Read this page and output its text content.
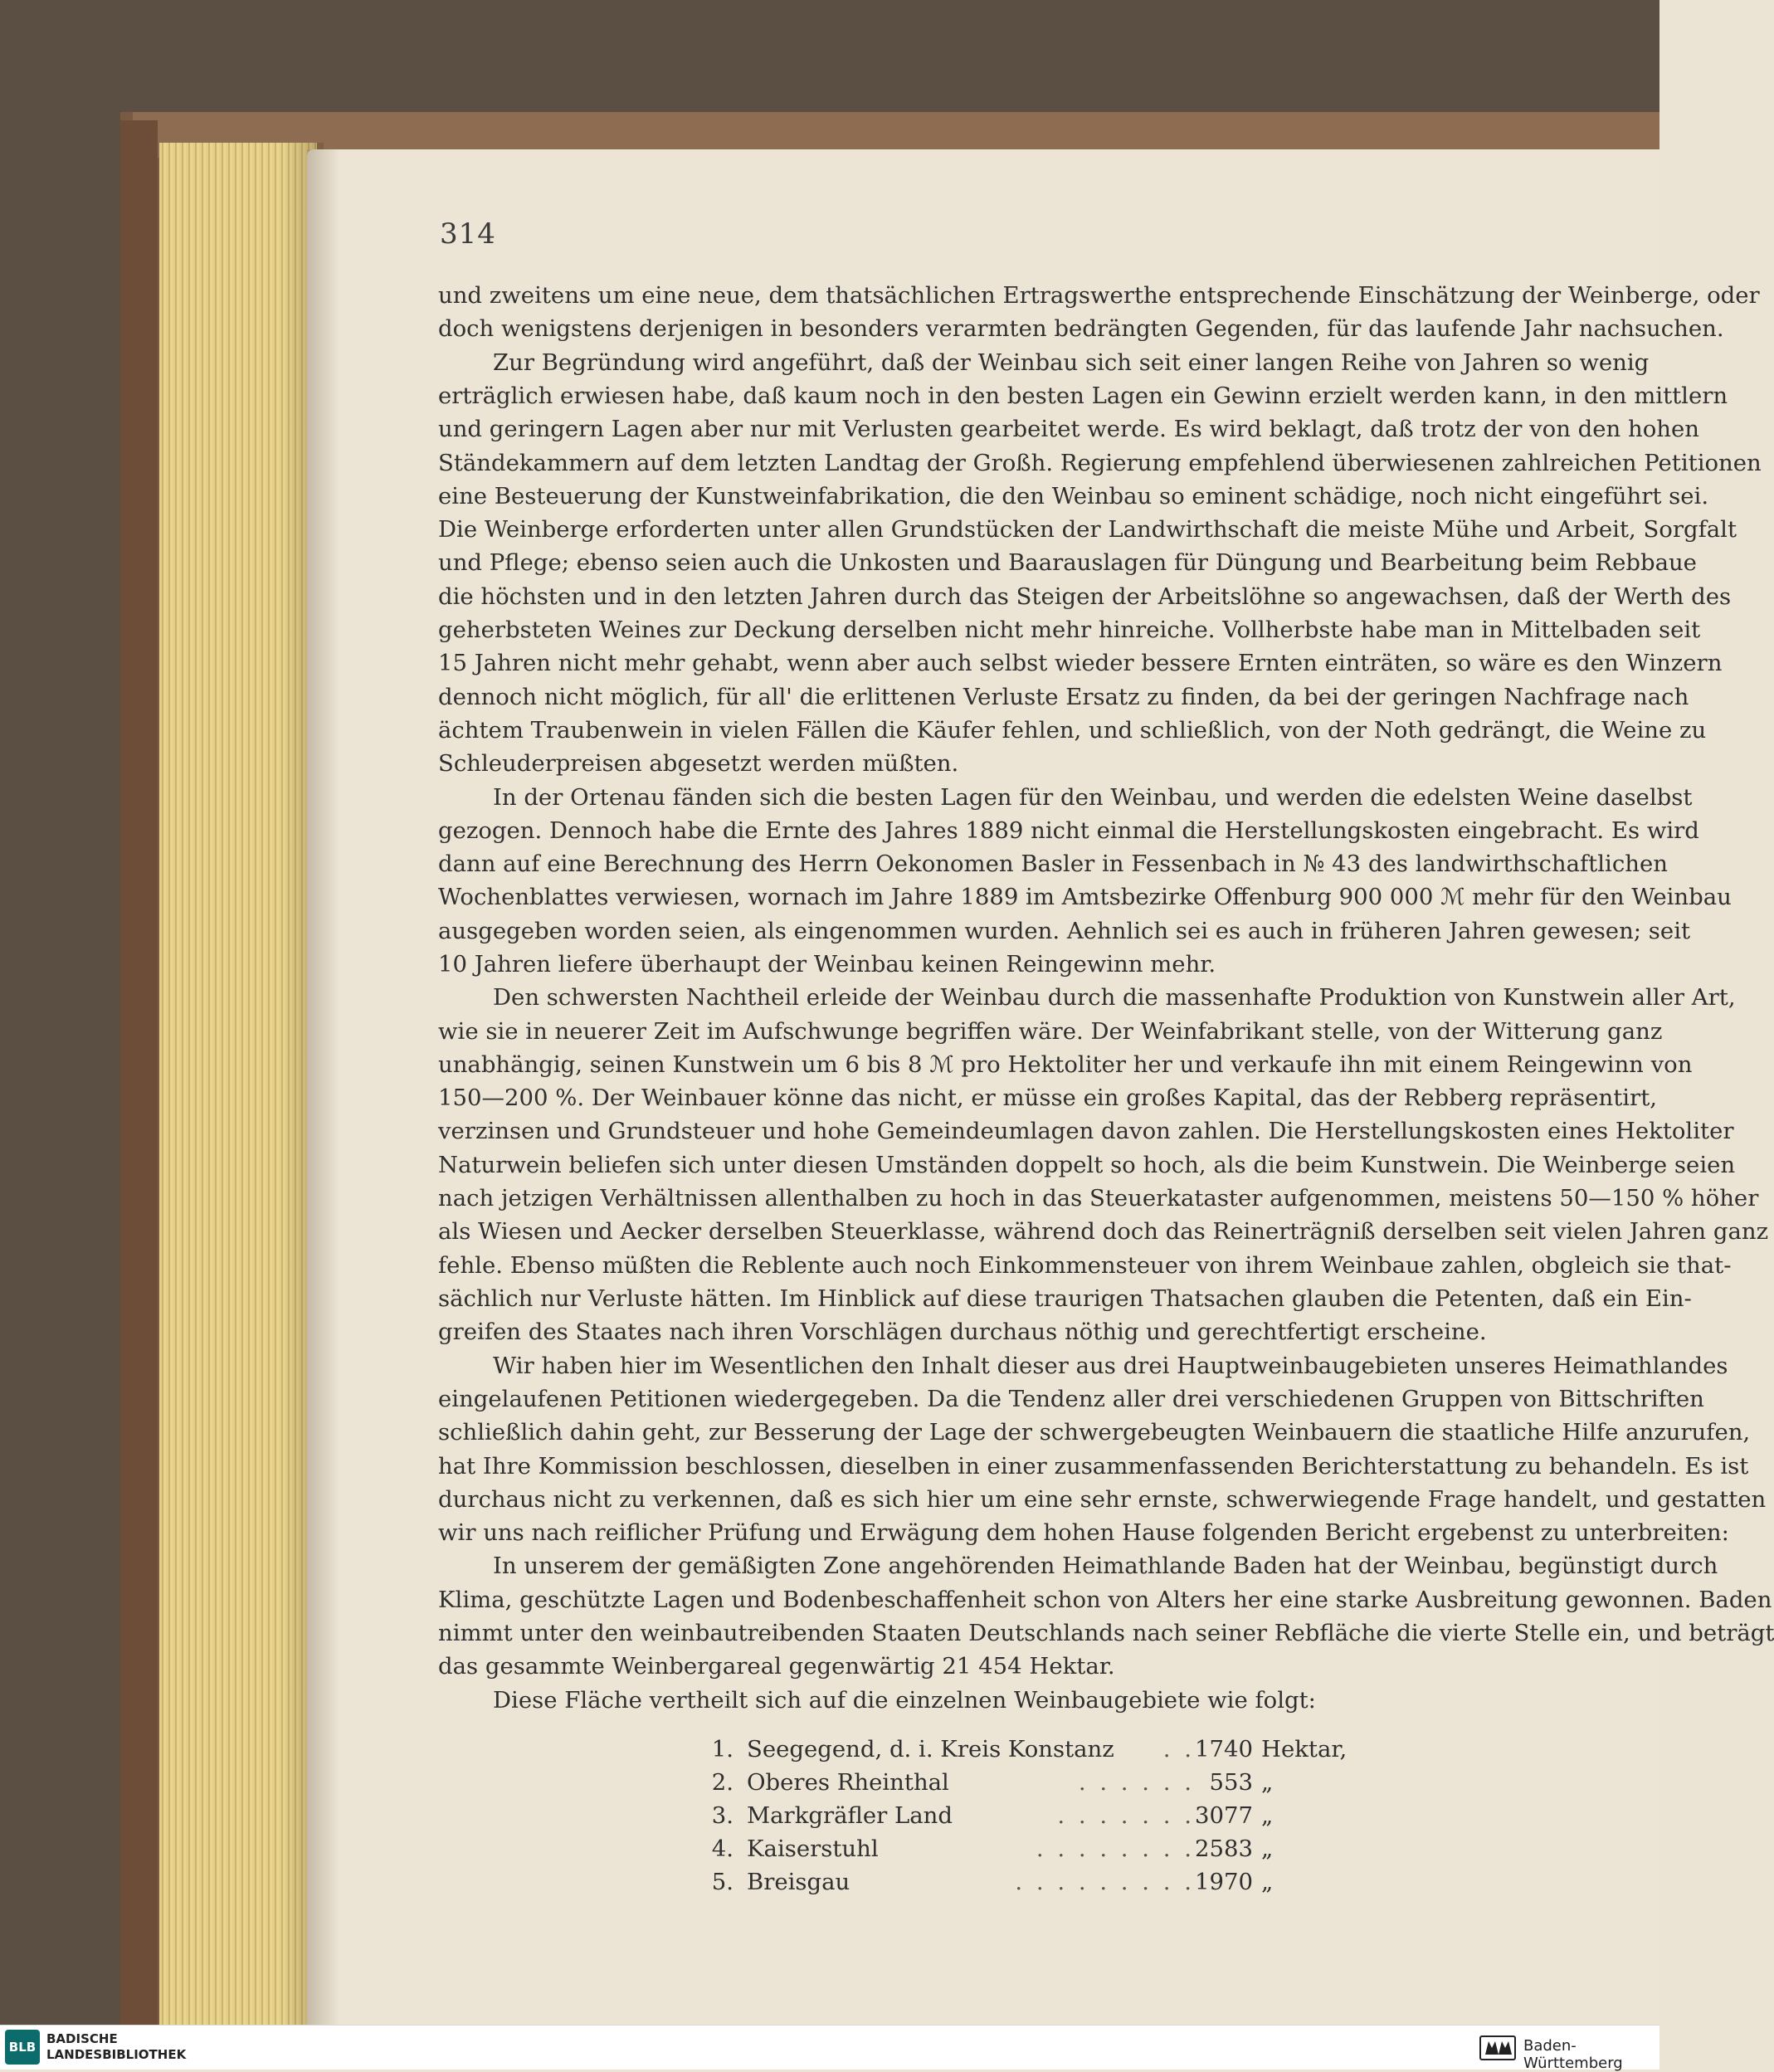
314
und zweitens um eine neue, dem thatsächlichen Ertragswerthe entsprechende Einschätzung der Weinberge, oder
doch wenigstens derjenigen in besonders verarmten bedrängten Gegenden, für das laufende Jahr nachsuchen.
Zur Begründung wird angeführt, daß der Weinbau sich seit einer langen Reihe von Jahren so wenig
erträglich erwiesen habe, daß kaum noch in den besten Lagen ein Gewinn erzielt werden kann, in den mittlern
und geringern Lagen aber nur mit Verlusten gearbeitet werde. Es wird beklagt, daß trotz der von den hohen
Ständekammern auf dem letzten Landtag der Großh. Regierung empfehlend überwiesenen zahlreichen Petitionen
eine Besteuerung der Kunstweinfabrikation, die den Weinbau so eminent schädige, noch nicht eingeführt sei.
Die Weinberge erforderten unter allen Grundstücken der Landwirthschaft die meiste Mühe und Arbeit, Sorgfalt
und Pflege; ebenso seien auch die Unkosten und Baarauslagen für Düngung und Bearbeitung beim Rebbaue
die höchsten und in den letzten Jahren durch das Steigen der Arbeitslöhne so angewachsen, daß der Werth des
geherbsteten Weines zur Deckung derselben nicht mehr hinreiche. Vollherbste habe man in Mittelbaden seit
15 Jahren nicht mehr gehabt, wenn aber auch selbst wieder bessere Ernten einträten, so wäre es den Winzern
dennoch nicht möglich, für all' die erlittenen Verluste Ersatz zu finden, da bei der geringen Nachfrage nach
ächtem Traubenwein in vielen Fällen die Käufer fehlen, und schließlich, von der Noth gedrängt, die Weine zu
Schleuderpreisen abgesetzt werden müßten.
In der Ortenau fänden sich die besten Lagen für den Weinbau, und werden die edelsten Weine daselbst
gezogen. Dennoch habe die Ernte des Jahres 1889 nicht einmal die Herstellungskosten eingebracht. Es wird
dann auf eine Berechnung des Herrn Oekonomen Basler in Fessenbach in № 43 des landwirthschaftlichen
Wochenblattes verwiesen, wornach im Jahre 1889 im Amtsbezirke Offenburg 900 000 ℳ mehr für den Weinbau
ausgegeben worden seien, als eingenommen wurden. Aehnlich sei es auch in früheren Jahren gewesen; seit
10 Jahren liefere überhaupt der Weinbau keinen Reingewinn mehr.
Den schwersten Nachtheil erleide der Weinbau durch die massenhafte Produktion von Kunstwein aller Art,
wie sie in neuerer Zeit im Aufschwunge begriffen wäre. Der Weinfabrikant stelle, von der Witterung ganz
unabhängig, seinen Kunstwein um 6 bis 8 ℳ pro Hektoliter her und verkaufe ihn mit einem Reingewinn von
150—200 %. Der Weinbauer könne das nicht, er müsse ein großes Kapital, das der Rebberg repräsentirt,
verzinsen und Grundsteuer und hohe Gemeindeumlagen davon zahlen. Die Herstellungskosten eines Hektoliter
Naturwein beliefen sich unter diesen Umständen doppelt so hoch, als die beim Kunstwein. Die Weinberge seien
nach jetzigen Verhältnissen allenthalben zu hoch in das Steuerkataster aufgenommen, meistens 50—150 % höher
als Wiesen und Aecker derselben Steuerklasse, während doch das Reinerträgniß derselben seit vielen Jahren ganz
fehle. Ebenso müßten die Reblente auch noch Einkommensteuer von ihrem Weinbaue zahlen, obgleich sie that-
sächlich nur Verluste hätten. Im Hinblick auf diese traurigen Thatsachen glauben die Petenten, daß ein Ein-
greifen des Staates nach ihren Vorschlägen durchaus nöthig und gerechtfertigt erscheine.
Wir haben hier im Wesentlichen den Inhalt dieser aus drei Hauptweinbaugebieten unseres Heimathlandes
eingelaufenen Petitionen wiedergegeben. Da die Tendenz aller drei verschiedenen Gruppen von Bittschriften
schließlich dahin geht, zur Besserung der Lage der schwergebeugten Weinbauern die staatliche Hilfe anzurufen,
hat Ihre Kommission beschlossen, dieselben in einer zusammenfassenden Berichterstattung zu behandeln. Es ist
durchaus nicht zu verkennen, daß es sich hier um eine sehr ernste, schwerwiegende Frage handelt, und gestatten
wir uns nach reiflicher Prüfung und Erwägung dem hohen Hause folgenden Bericht ergebenst zu unterbreiten:
In unserem der gemäßigten Zone angehörenden Heimathlande Baden hat der Weinbau, begünstigt durch
Klima, geschützte Lagen und Bodenbeschaffenheit schon von Alters her eine starke Ausbreitung gewonnen. Baden
nimmt unter den weinbautreibenden Staaten Deutschlands nach seiner Rebfläche die vierte Stelle ein, und beträgt
das gesammte Weinbergareal gegenwärtig 21 454 Hektar.
Diese Fläche vertheilt sich auf die einzelnen Weinbaugebiete wie folgt:
1. Seegegend, d. i. Kreis Konstanz	. . 1740 Hektar,
2. Oberes Rheinthal	. . . . . . 553 „
3. Markgräfler Land	. . . . . . . 3077 „
4. Kaiserstuhl	. . . . . . . . 2583 „
5. Breisgau	. . . . . . . . . 1970 „
BLB
BADISCHE
LANDESBIBLIOTHEK	Baden-Württemberg
